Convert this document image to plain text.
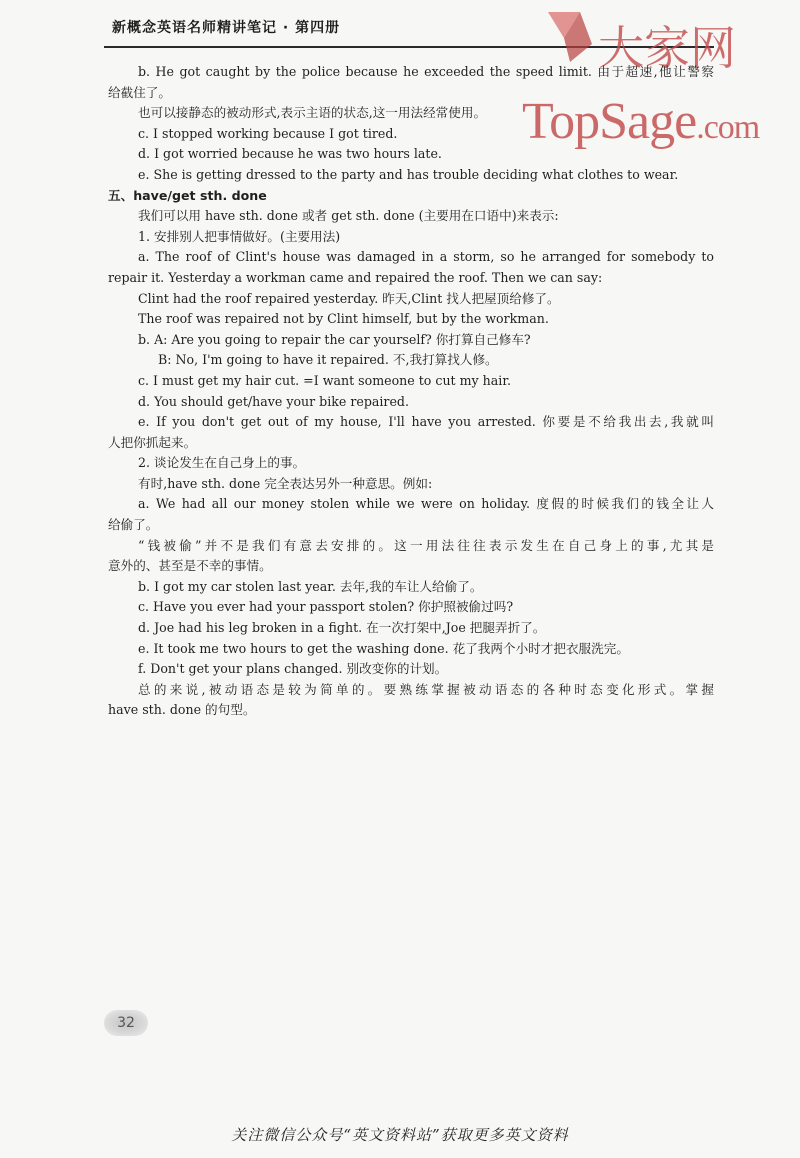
新概念英语名师精讲笔记 · 第四册	大家网
TopSage.com
b. He got caught by the police because he exceeded the speed limit. 由于超速,他让警察
给截住了。
也可以接静态的被动形式,表示主语的状态,这一用法经常使用。
c. I stopped working because I got tired.
d. I got worried because he was two hours late.
e. She is getting dressed to the party and has trouble deciding what clothes to wear.
五、have/get sth. done
我们可以用 have sth. done 或者 get sth. done (主要用在口语中)来表示:
1. 安排别人把事情做好。(主要用法)
a. The roof of Clint's house was damaged in a storm, so he arranged for somebody to
repair it. Yesterday a workman came and repaired the roof. Then we can say:
Clint had the roof repaired yesterday. 昨天,Clint 找人把屋顶给修了。
The roof was repaired not by Clint himself, but by the workman.
b. A: Are you going to repair the car yourself? 你打算自己修车?
B: No, I'm going to have it repaired. 不,我打算找人修。
c. I must get my hair cut. =I want someone to cut my hair.
d. You should get/have your bike repaired.
e. If you don't get out of my house, I'll have you arrested. 你要是不给我出去,我就叫
人把你抓起来。
2. 谈论发生在自己身上的事。
有时,have sth. done 完全表达另外一种意思。例如:
a. We had all our money stolen while we were on holiday. 度假的时候我们的钱全让人
给偷了。
“钱被偷”并不是我们有意去安排的。这一用法往往表示发生在自己身上的事,尤其是
意外的、甚至是不幸的事情。
b. I got my car stolen last year. 去年,我的车让人给偷了。
c. Have you ever had your passport stolen? 你护照被偷过吗?
d. Joe had his leg broken in a fight. 在一次打架中,Joe 把腿弄折了。
e. It took me two hours to get the washing done. 花了我两个小时才把衣服洗完。
f. Don't get your plans changed. 别改变你的计划。
总的来说,被动语态是较为简单的。要熟练掌握被动语态的各种时态变化形式。掌握
have sth. done 的句型。
32
关注微信公众号“英文资料站”获取更多英文资料
